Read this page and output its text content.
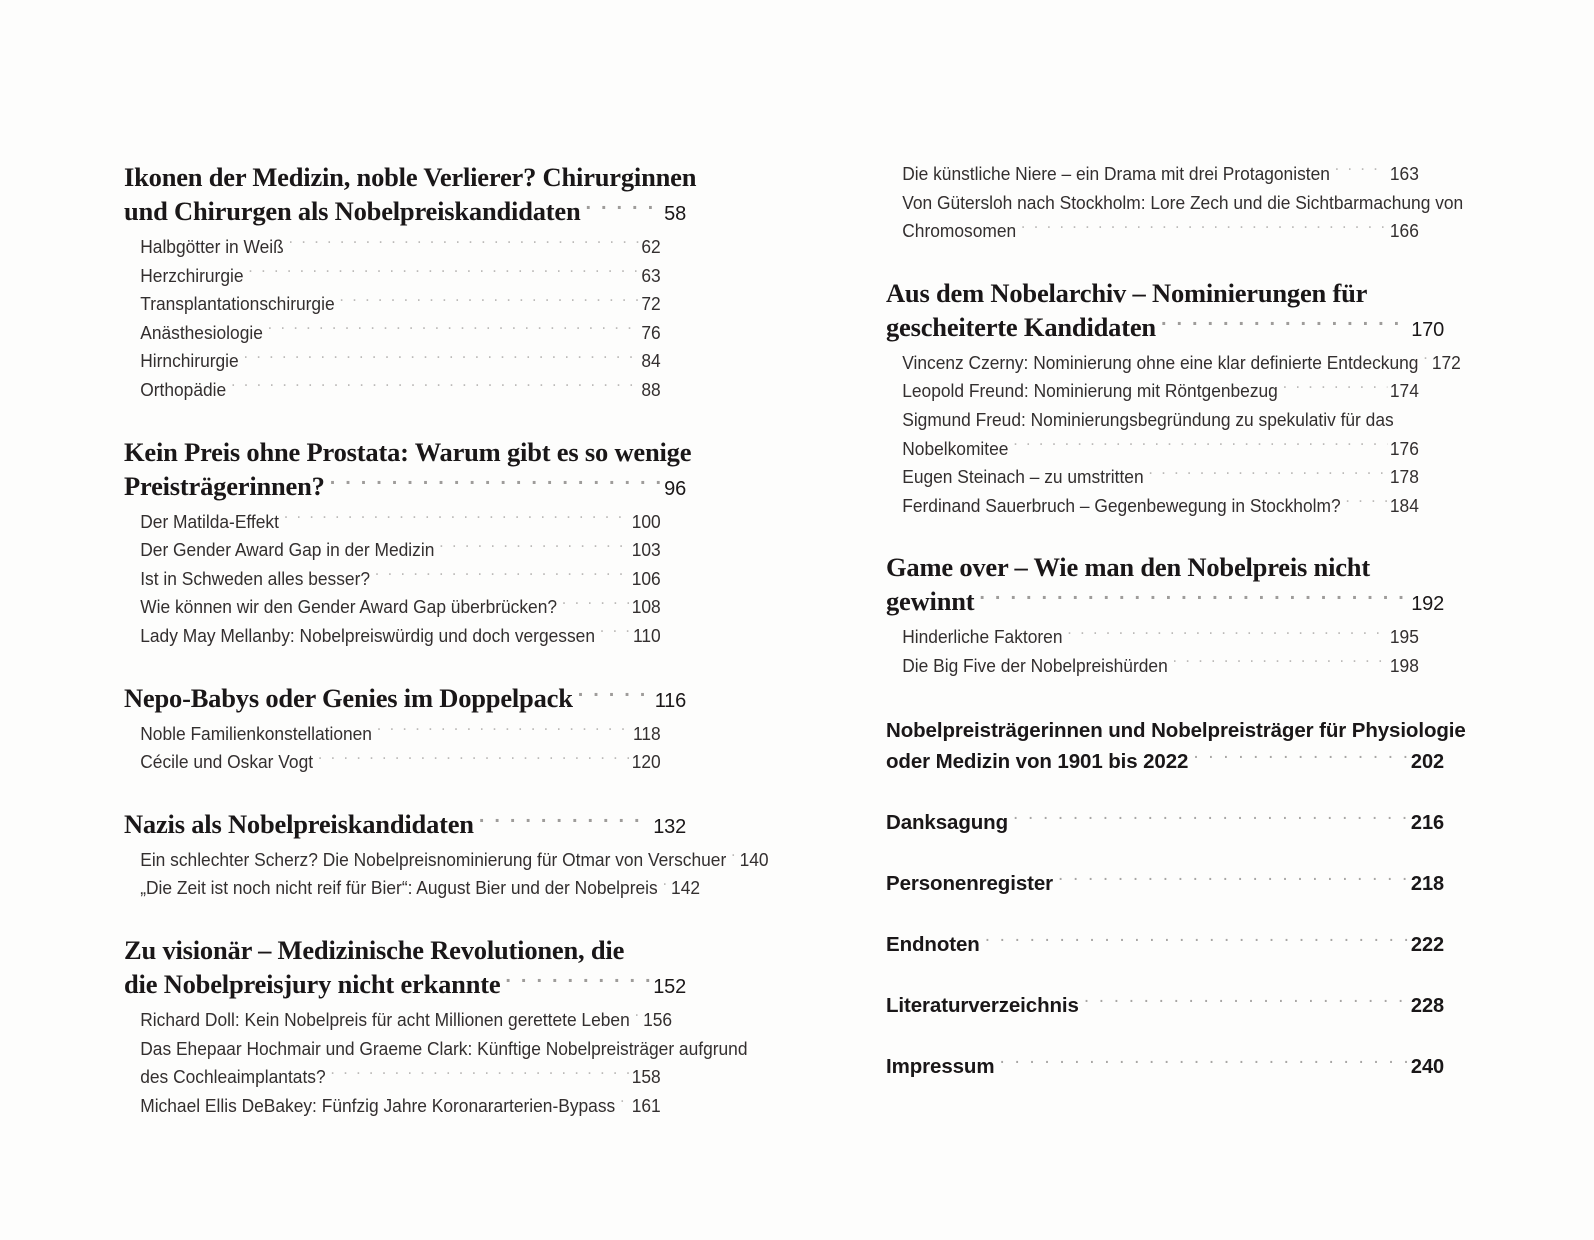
Ikonen der Medizin, noble Verlierer? Chirurginnen
und Chirurgen als Nobelpreiskandidaten . . .	58
Halbgötter in Weiß . . .	62
Herzchirurgie . . .	63
Transplantationschirurgie . . .	72
Anästhesiologie . . .	76
Hirnchirurgie . . .	84
Orthopädie . . .	88
Kein Preis ohne Prostata: Warum gibt es so wenige
Preisträgerinnen? . . .	96
Der Matilda-Effekt . . .	100
Der Gender Award Gap in der Medizin . . .	103
Ist in Schweden alles besser? . . .	106
Wie können wir den Gender Award Gap überbrücken? . . .	108
Lady May Mellanby: Nobelpreiswürdig und doch vergessen . . . 110
Nepo-Babys oder Genies im Doppelpack . . .	116
Noble Familienkonstellationen . . .	118
Cécile und Oskar Vogt . . .	120
Nazis als Nobelpreiskandidaten . . .	132
Ein schlechter Scherz? Die Nobelpreisnominierung für Otmar von Verschuer . . . 140
„Die Zeit ist noch nicht reif für Bier“: August Bier und der Nobelpreis . . . 142
Zu visionär – Medizinische Revolutionen, die
die Nobelpreisjury nicht erkannte . . .	152
Richard Doll: Kein Nobelpreis für acht Millionen gerettete Leben . . . 156
Das Ehepaar Hochmair und Graeme Clark: Künftige Nobelpreisträger aufgrund
des Cochleaimplantats? . . .	158
Michael Ellis DeBakey: Fünfzig Jahre Koronararterien-Bypass . . . 161
Die künstliche Niere – ein Drama mit drei Protagonisten . . .	163
Von Gütersloh nach Stockholm: Lore Zech und die Sichtbarmachung von
Chromosomen . . .	166
Aus dem Nobelarchiv – Nominierungen für
gescheiterte Kandidaten . . .	170
Vincenz Czerny: Nominierung ohne eine klar definierte Entdeckung . . . 172
Leopold Freund: Nominierung mit Röntgenbezug . . .	174
Sigmund Freud: Nominierungsbegründung zu spekulativ für das
Nobelkomitee . . .	176
Eugen Steinach – zu umstritten . . .	178
Ferdinand Sauerbruch – Gegenbewegung in Stockholm? . . .	184
Game over – Wie man den Nobelpreis nicht
gewinnt . . .	192
Hinderliche Faktoren . . .	195
Die Big Five der Nobelpreishürden . . .	198
Nobelpreisträgerinnen und Nobelpreisträger für Physiologie
oder Medizin von 1901 bis 2022 . . .	202
Danksagung . . .	216
Personenregister . . .	218
Endnoten . . .	222
Literaturverzeichnis . . .	228
Impressum . . .	240
